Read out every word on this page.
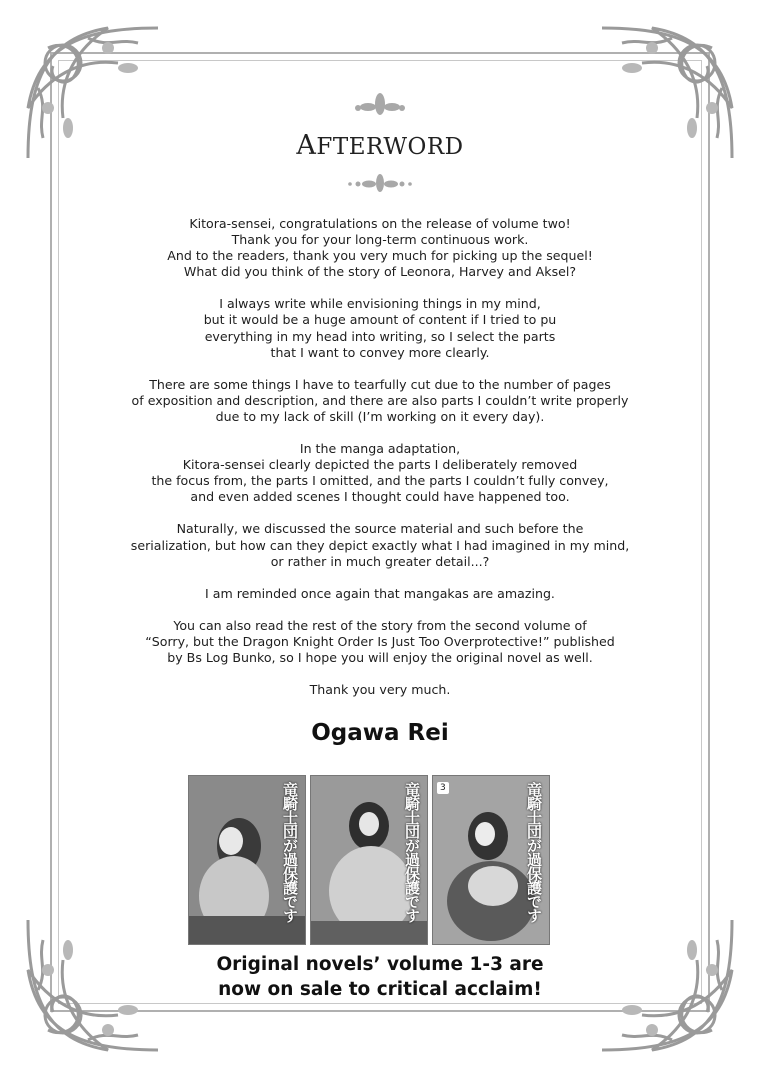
AFTERWORD

Kitora-sensei, congratulations on the release of volume two!
Thank you for your long-term continuous work.
And to the readers, thank you very much for picking up the sequel!
What did you think of the story of Leonora, Harvey and Aksel?

I always write while envisioning things in my mind,
but it would be a huge amount of content if I tried to pu
everything in my head into writing, so I select the parts
that I want to convey more clearly.

There are some things I have to tearfully cut due to the number of pages
of exposition and description, and there are also parts I couldn’t write properly
due to my lack of skill (I’m working on it every day).

In the manga adaptation,
Kitora-sensei clearly depicted the parts I deliberately removed
the focus from, the parts I omitted, and the parts I couldn’t fully convey,
and even added scenes I thought could have happened too.

Naturally, we discussed the source material and such before the
serialization, but how can they depict exactly what I had imagined in my mind,
or rather in much greater detail...?

I am reminded once again that mangakas are amazing.

You can also read the rest of the story from the second volume of
“Sorry, but the Dragon Knight Order Is Just Too Overprotective!” published
by Bs Log Bunko, so I hope you will enjoy the original novel as well.

Thank you very much.

Ogawa Rei
竜騎士団が過保護です	竜騎士団が過保護です	3	竜騎士団が過保護です
Original novels’ volume 1-3 are
now on sale to critical acclaim!
